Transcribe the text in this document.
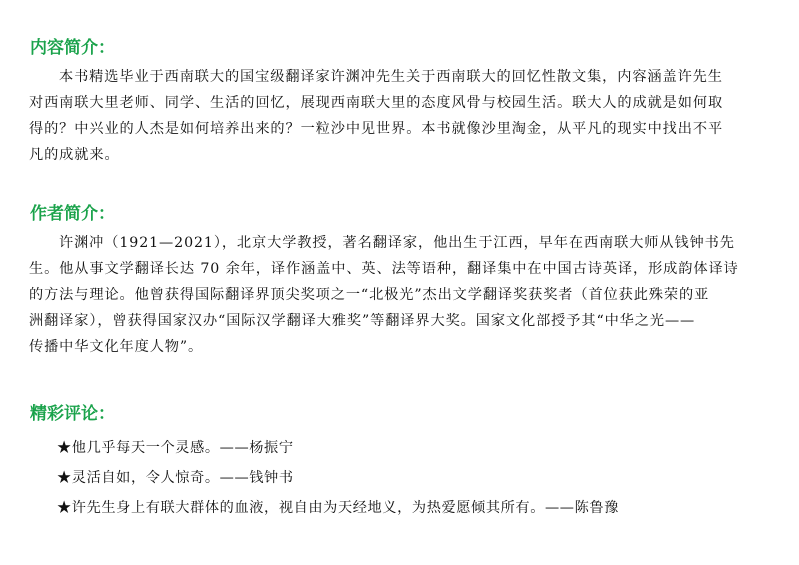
内容简介：
本书精选毕业于西南联大的国宝级翻译家许渊冲先生关于西南联大的回忆性散文集，内容涵盖许先生
对西南联大里老师、同学、生活的回忆，展现西南联大里的态度风骨与校园生活。联大人的成就是如何取
得的？中兴业的人杰是如何培养出来的？一粒沙中见世界。本书就像沙里淘金，从平凡的现实中找出不平
凡的成就来。
作者简介：
许渊冲（1921—2021），北京大学教授，著名翻译家，他出生于江西，早年在西南联大师从钱钟书先
生。他从事文学翻译长达 70 余年，译作涵盖中、英、法等语种，翻译集中在中国古诗英译，形成韵体译诗
的方法与理论。他曾获得国际翻译界顶尖奖项之一“北极光”杰出文学翻译奖获奖者（首位获此殊荣的亚
洲翻译家），曾获得国家汉办“国际汉学翻译大雅奖”等翻译界大奖。国家文化部授予其“中华之光——
传播中华文化年度人物”。
精彩评论：
★他几乎每天一个灵感。——杨振宁
★灵活自如，令人惊奇。——钱钟书
★许先生身上有联大群体的血液，视自由为天经地义，为热爱愿倾其所有。——陈鲁豫
